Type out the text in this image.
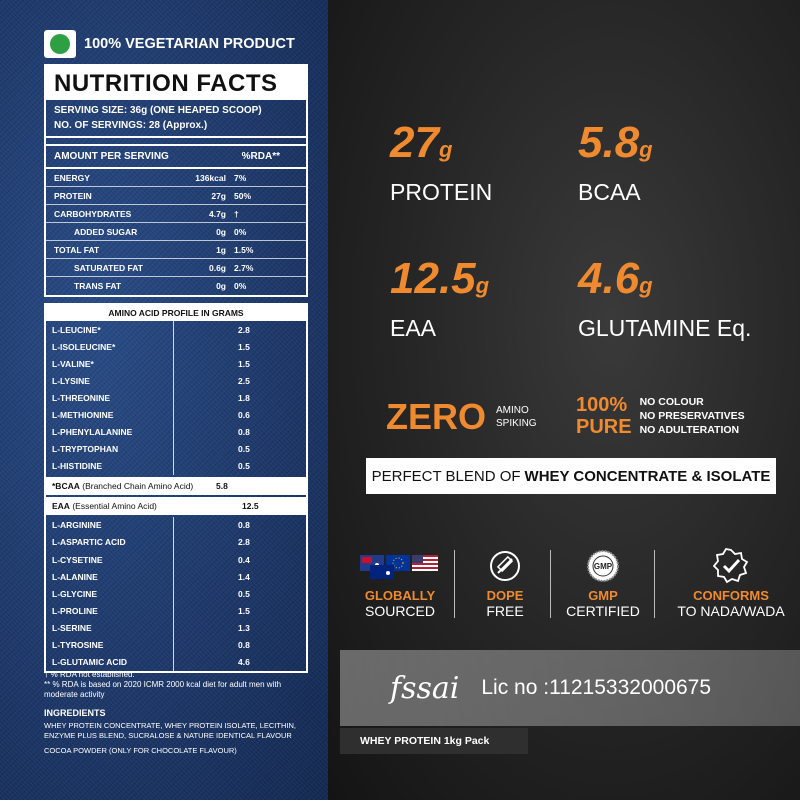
100% VEGETARIAN PRODUCT
NUTRITION FACTS
SERVING SIZE: 36g (ONE HEAPED SCOOP)
NO. OF SERVINGS: 28 (Approx.)
AMOUNT PER SERVING	%RDA**
ENERGY	136kcal 7%
PROTEIN	27g 50%
CARBOHYDRATES	4.7g †
ADDED SUGAR	0g 0%
TOTAL FAT	1g 1.5%
SATURATED FAT	0.6g 2.7%
TRANS FAT	0g 0%
AMINO ACID PROFILE IN GRAMS
L-LEUCINE*	2.8
L-ISOLEUCINE*	1.5
L-VALINE*	1.5
L-LYSINE	2.5
L-THREONINE	1.8
L-METHIONINE	0.6
L-PHENYLALANINE	0.8
L-TRYPTOPHAN	0.5
L-HISTIDINE	0.5
*BCAA (Branched Chain Amino Acid)	5.8
EAA (Essential Amino Acid)	12.5
L-ARGININE	0.8
L-ASPARTIC ACID	2.8
L-CYSETINE	0.4
L-ALANINE	1.4
L-GLYCINE	0.5
L-PROLINE	1.5
L-SERINE	1.3
L-TYROSINE	0.8
L-GLUTAMIC ACID	4.6
† % RDA not established.
** % RDA is based on 2020 ICMR 2000 kcal diet for adult men with moderate activity
INGREDIENTS
WHEY PROTEIN CONCENTRATE, WHEY PROTEIN ISOLATE, LECITHIN, ENZYME PLUS BLEND, SUCRALOSE & NATURE IDENTICAL FLAVOUR
COCOA POWDER (ONLY FOR CHOCOLATE FLAVOUR)
27g
PROTEIN
5.8g
BCAA
12.5g
EAA
4.6g
GLUTAMINE Eq.
ZERO AMINO
SPIKING
100%
PURE
NO COLOUR
NO PRESERVATIVES
NO ADULTERATION
PERFECT BLEND OF WHEY CONCENTRATE & ISOLATE
GLOBALLY
SOURCED
DOPE
FREE
GMP
GMP
CERTIFIED
CONFORMS
TO NADA/WADA
fssai Lic no :11215332000675
WHEY PROTEIN 1kg Pack
